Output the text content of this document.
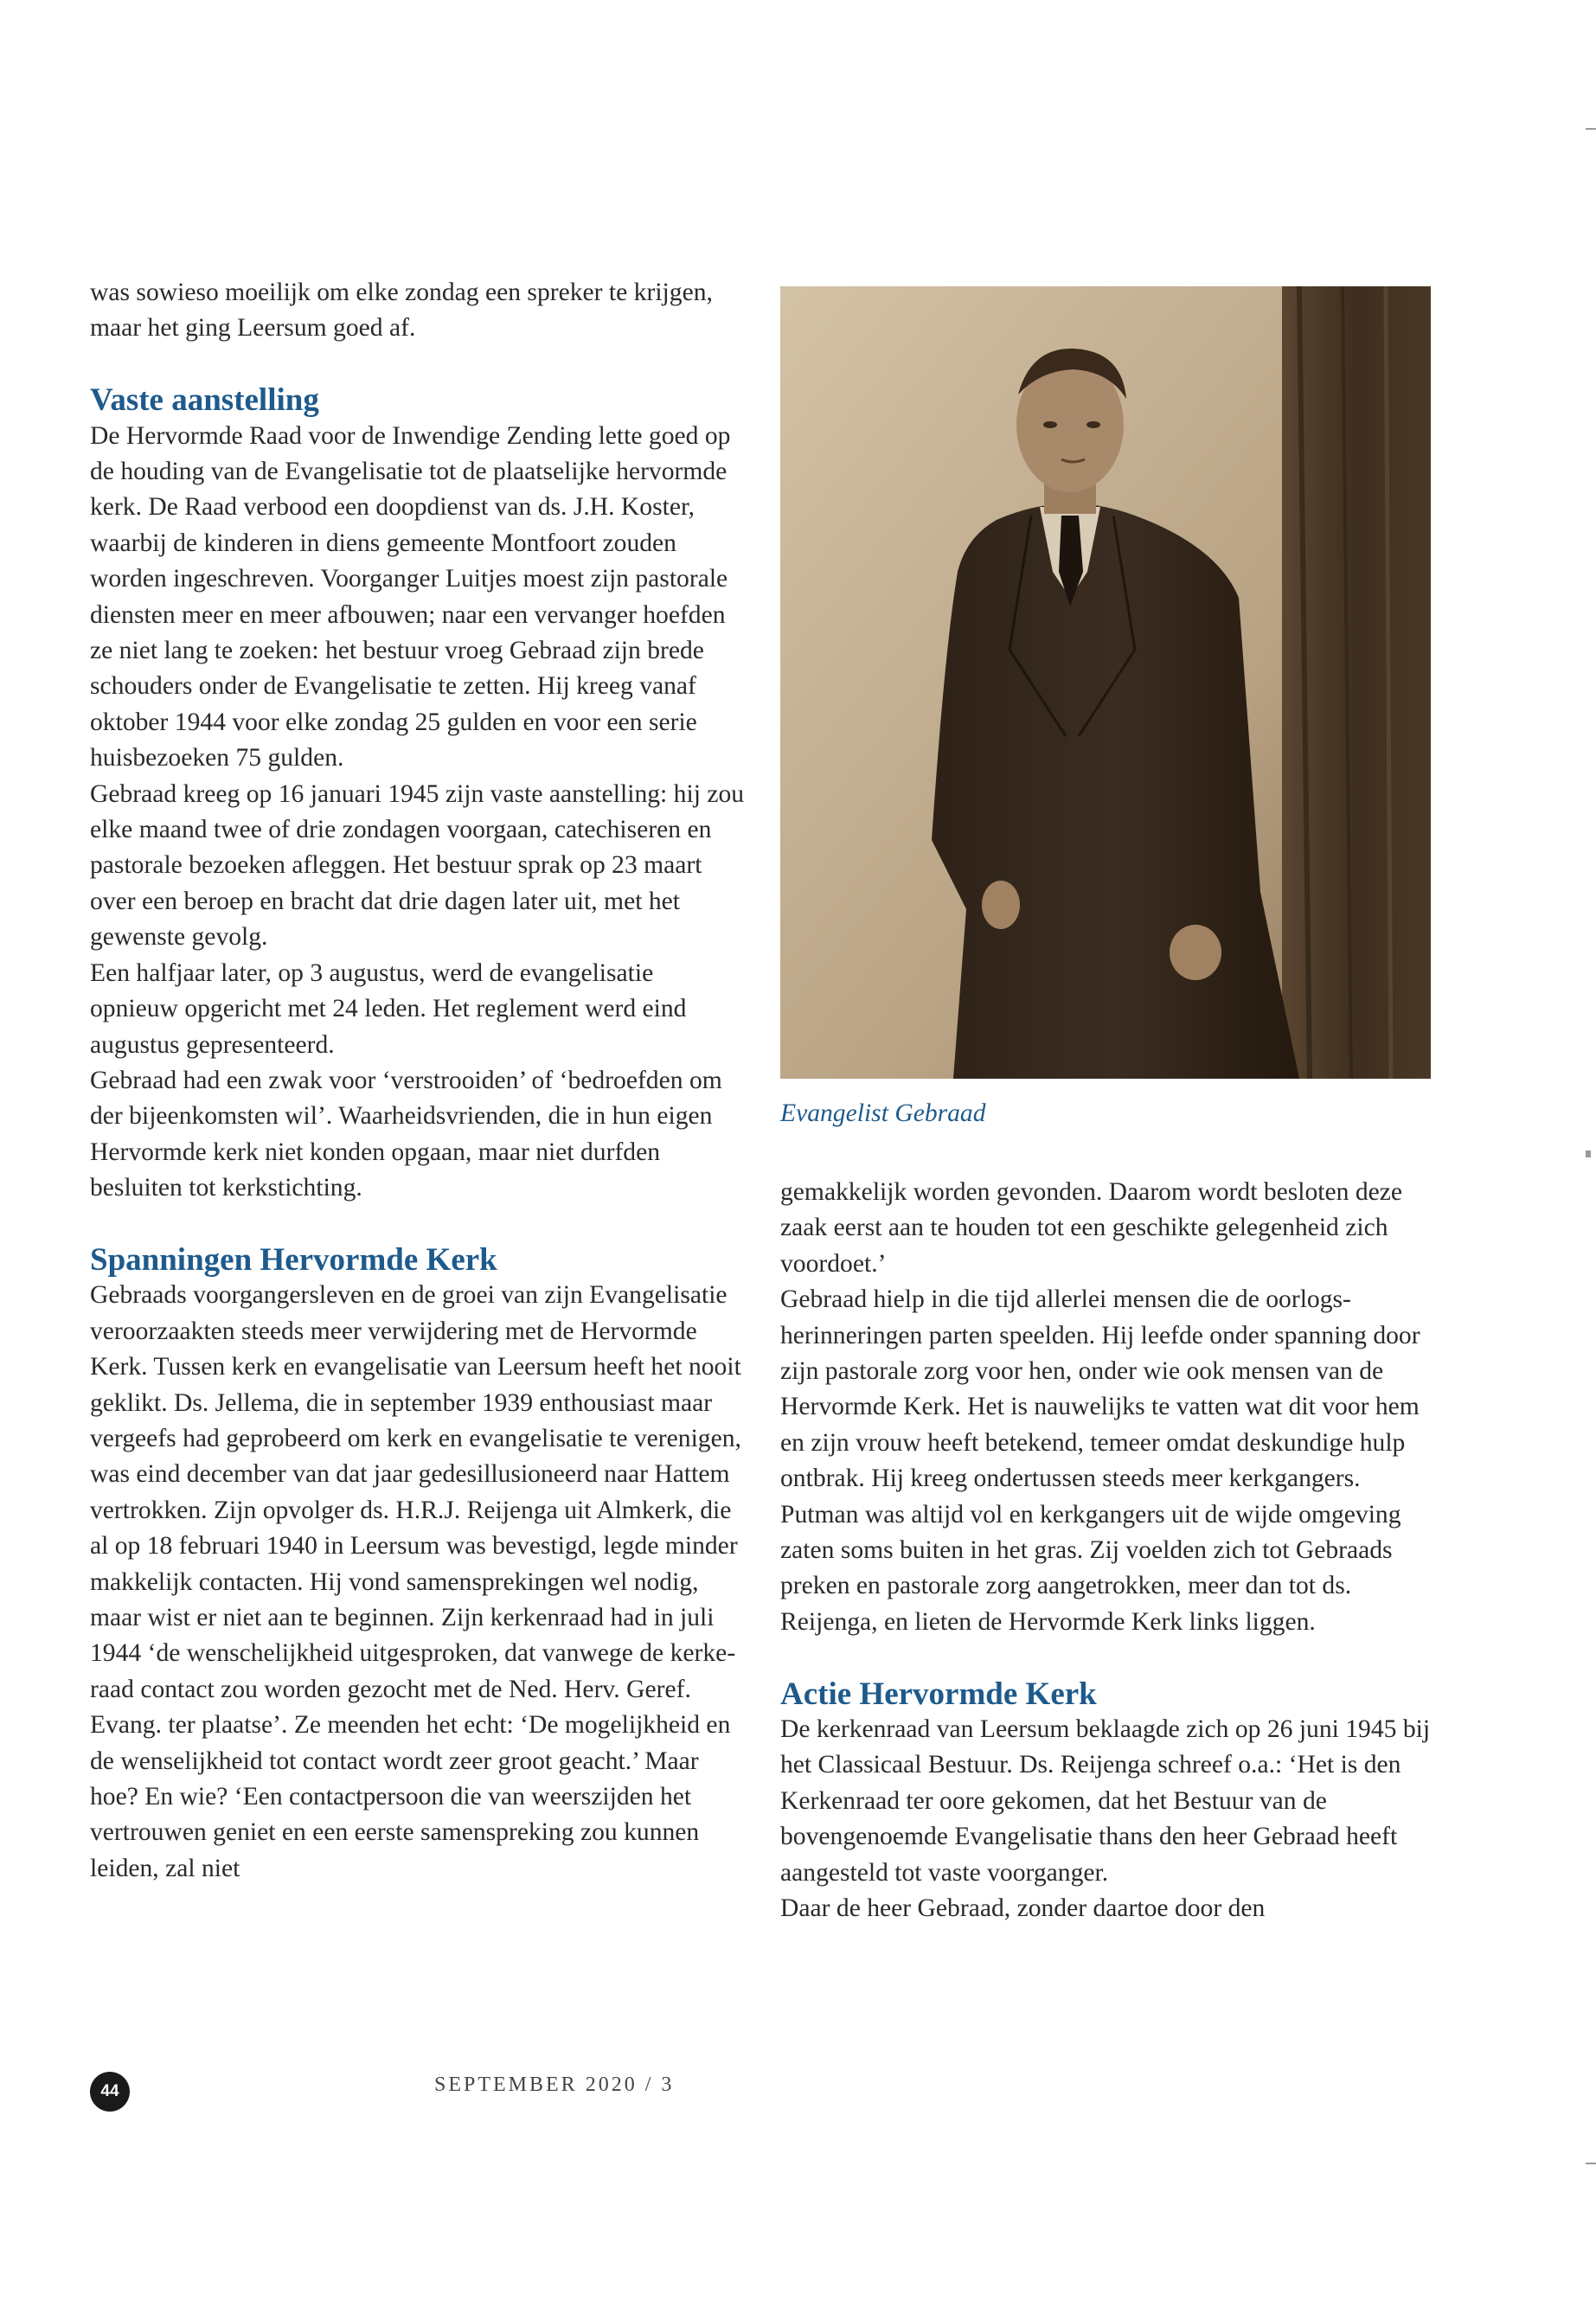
was sowieso moeilijk om elke zondag een spreker te krijgen, maar het ging Leersum goed af.

Vaste aanstelling

De Hervormde Raad voor de Inwendige Zending lette goed op de houding van de Evangelisatie tot de plaatselijke hervormde kerk. De Raad verbood een doopdienst van ds. J.H. Koster, waarbij de kinderen in diens gemeente Montfoort zouden worden ingeschreven. Voorganger Luitjes moest zijn pastorale diensten meer en meer afbouwen; naar een vervanger hoefden ze niet lang te zoeken: het bestuur vroeg Gebraad zijn brede schouders onder de Evangelisatie te zetten. Hij kreeg vanaf oktober 1944 voor elke zondag 25 gulden en voor een serie huisbezoeken 75 gulden.

Gebraad kreeg op 16 januari 1945 zijn vaste aanstelling: hij zou elke maand twee of drie zondagen voorgaan, catechiseren en pastorale bezoeken afleggen. Het bestuur sprak op 23 maart over een beroep en bracht dat drie dagen later uit, met het gewenste gevolg.

Een halfjaar later, op 3 augustus, werd de evangelisatie opnieuw opgericht met 24 leden. Het reglement werd eind augustus gepresenteerd.

Gebraad had een zwak voor ‘verstrooiden’ of ‘bedroefden om der bijeenkomsten wil’. Waarheidsvrienden, die in hun eigen Hervormde kerk niet konden opgaan, maar niet durfden besluiten tot kerkstichting.

Spanningen Hervormde Kerk

Gebraads voorgangersleven en de groei van zijn Evangelisatie veroorzaakten steeds meer verwijdering met de Hervormde Kerk. Tussen kerk en evangelisatie van Leersum heeft het nooit geklikt. Ds. Jellema, die in september 1939 enthousiast maar vergeefs had geprobeerd om kerk en evangelisatie te verenigen, was eind december van dat jaar gedesillusioneerd naar Hattem vertrokken. Zijn opvolger ds. H.R.J. Reijenga uit Almkerk, die al op 18 februari 1940 in Leersum was bevestigd, legde minder makkelijk contacten. Hij vond samensprekingen wel nodig, maar wist er niet aan te beginnen. Zijn kerkenraad had in juli 1944 ‘de wenschelijkheid uitgesproken, dat vanwege de kerkeraad contact zou worden gezocht met de Ned. Herv. Geref. Evang. ter plaatse’. Ze meenden het echt: ‘De mogelijkheid en de wenselijkheid tot contact wordt zeer groot geacht.’ Maar hoe? En wie? ‘Een contactpersoon die van weerszijden het vertrouwen geniet en een eerste samenspreking zou kunnen leiden, zal niet

Evangelist Gebraad

gemakkelijk worden gevonden. Daarom wordt besloten deze zaak eerst aan te houden tot een geschikte gelegenheid zich voordoet.’

Gebraad hielp in die tijd allerlei mensen die de oorlogsherinneringen parten speelden. Hij leefde onder spanning door zijn pastorale zorg voor hen, onder wie ook mensen van de Hervormde Kerk. Het is nauwelijks te vatten wat dit voor hem en zijn vrouw heeft betekend, temeer omdat deskundige hulp ontbrak. Hij kreeg ondertussen steeds meer kerkgangers. Putman was altijd vol en kerkgangers uit de wijde omgeving zaten soms buiten in het gras. Zij voelden zich tot Gebraads preken en pastorale zorg aangetrokken, meer dan tot ds. Reijenga, en lieten de Hervormde Kerk links liggen.

Actie Hervormde Kerk

De kerkenraad van Leersum beklaagde zich op 26 juni 1945 bij het Classicaal Bestuur. Ds. Reijenga schreef o.a.: ‘Het is den Kerkenraad ter oore gekomen, dat het Bestuur van de bovengenoemde Evangelisatie thans den heer Gebraad heeft aangesteld tot vaste voorganger.

Daar de heer Gebraad, zonder daartoe door den

44	SEPTEMBER 2020 / 3
